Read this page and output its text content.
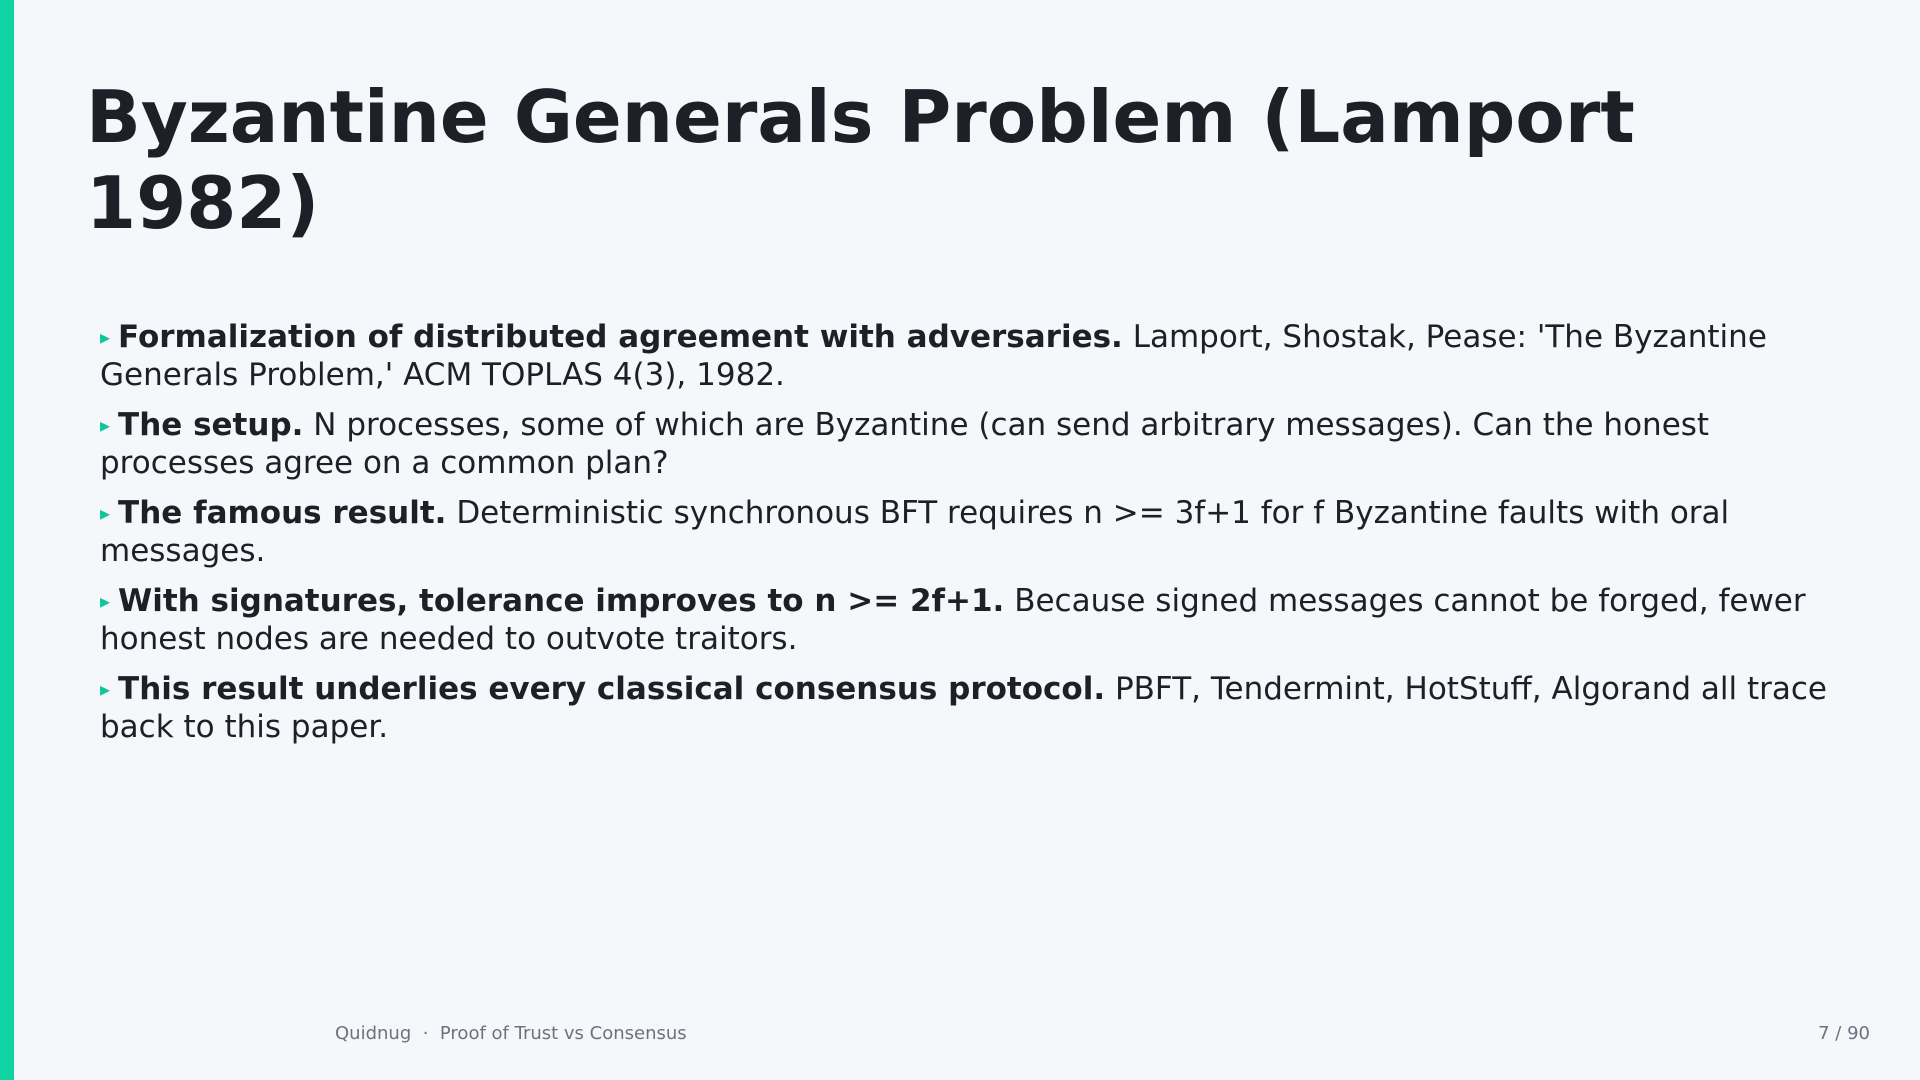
Byzantine Generals Problem (Lamport 1982)
▸ Formalization of distributed agreement with adversaries. Lamport, Shostak, Pease: 'The Byzantine Generals Problem,' ACM TOPLAS 4(3), 1982.
▸ The setup. N processes, some of which are Byzantine (can send arbitrary messages). Can the honest processes agree on a common plan?
▸ The famous result. Deterministic synchronous BFT requires n >= 3f+1 for f Byzantine faults with oral messages.
▸ With signatures, tolerance improves to n >= 2f+1. Because signed messages cannot be forged, fewer honest nodes are needed to outvote traitors.
▸ This result underlies every classical consensus protocol. PBFT, Tendermint, HotStuff, Algorand all trace back to this paper.
Quidnug · Proof of Trust vs Consensus	7 / 90
